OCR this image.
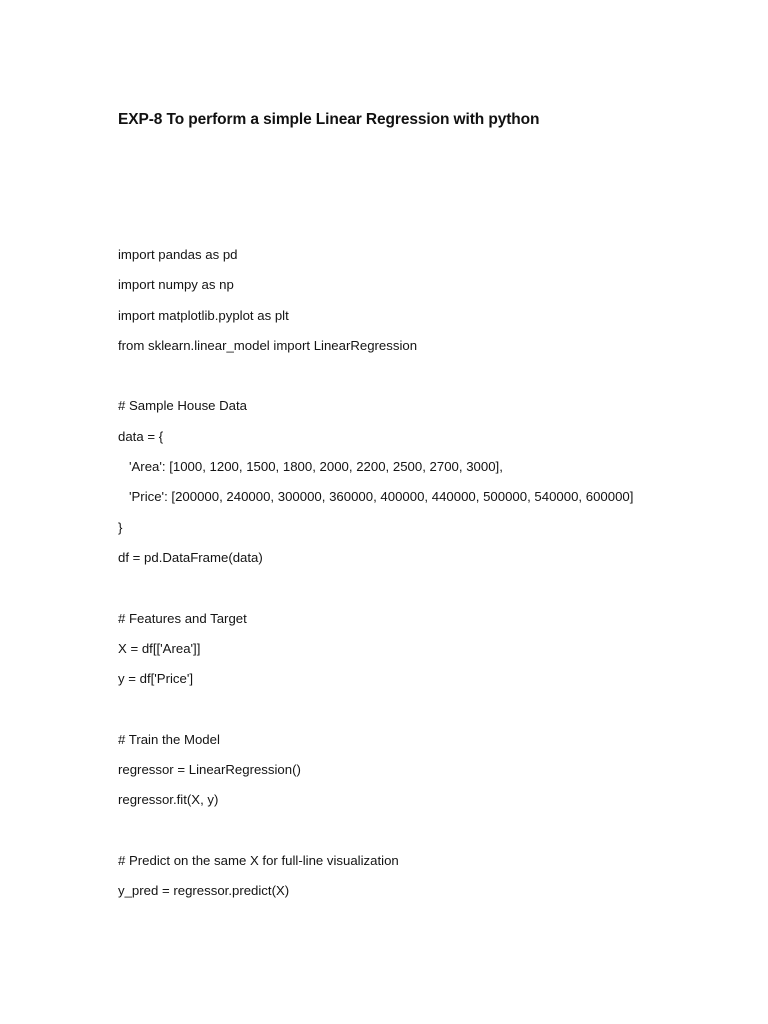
EXP-8 To perform a simple Linear Regression with python
import pandas as pd
import numpy as np
import matplotlib.pyplot as plt
from sklearn.linear_model import LinearRegression
# Sample House Data
data = {
'Area': [1000, 1200, 1500, 1800, 2000, 2200, 2500, 2700, 3000],
'Price': [200000, 240000, 300000, 360000, 400000, 440000, 500000, 540000, 600000]
}
df = pd.DataFrame(data)
# Features and Target
X = df[['Area']]
y = df['Price']
# Train the Model
regressor = LinearRegression()
regressor.fit(X, y)
# Predict on the same X for full-line visualization
y_pred = regressor.predict(X)
